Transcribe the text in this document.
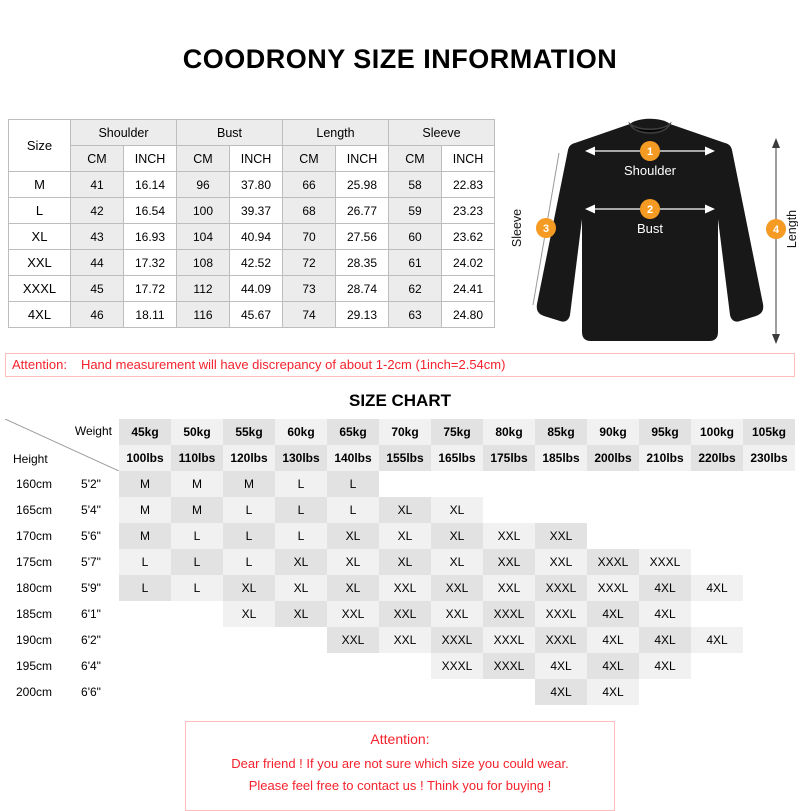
COODRONY SIZE INFORMATION
Size	Shoulder		Bust		Length		Sleeve	
	CM	INCH	CM	INCH	CM	INCH	CM	INCH
M	41	16.14	96	37.80	66	25.98	58	22.83
L	42	16.54	100	39.37	68	26.77	59	23.23
XL	43	16.93	104	40.94	70	27.56	60	23.62
XXL	44	17.32	108	42.52	72	28.35	61	24.02
XXXL	45	17.72	112	44.09	73	28.74	62	24.41
4XL	46	18.11	116	45.67	74	29.13	63	24.80
1
Shoulder
2
Bust
3
Sleeve	4 Length
Attention: Hand measurement will have discrepancy of about 1-2cm (1inch=2.54cm)
SIZE CHART
Weight
Height		45kg	50kg	55kg	60kg	65kg	70kg	75kg	80kg	85kg	90kg	95kg	100kg	105kg
		100lbs	110lbs	120lbs	130lbs	140lbs	155lbs	165lbs	175lbs	185lbs	200lbs	210lbs	220lbs	230lbs
160cm	5'2"	M	M	M	L	L								
165cm	5'4"	M	M	L	L	L	XL	XL						
170cm	5'6"	M	L	L	L	XL	XL	XL	XXL	XXL				
175cm	5'7"	L	L	L	XL	XL	XL	XL	XXL	XXL	XXXL	XXXL		
180cm	5'9"	L	L	XL	XL	XL	XXL	XXL	XXL	XXXL	XXXL	4XL	4XL	
185cm	6'1"			XL	XL	XXL	XXL	XXL	XXXL	XXXL	4XL	4XL		
190cm	6'2"					XXL	XXL	XXXL	XXXL	XXXL	4XL	4XL	4XL	
195cm	6'4"							XXXL	XXXL	4XL	4XL	4XL		
200cm	6'6"									4XL	4XL			
Attention:
Dear friend ! If you are not sure which size you could wear.
Please feel free to contact us ! Think you for buying !
